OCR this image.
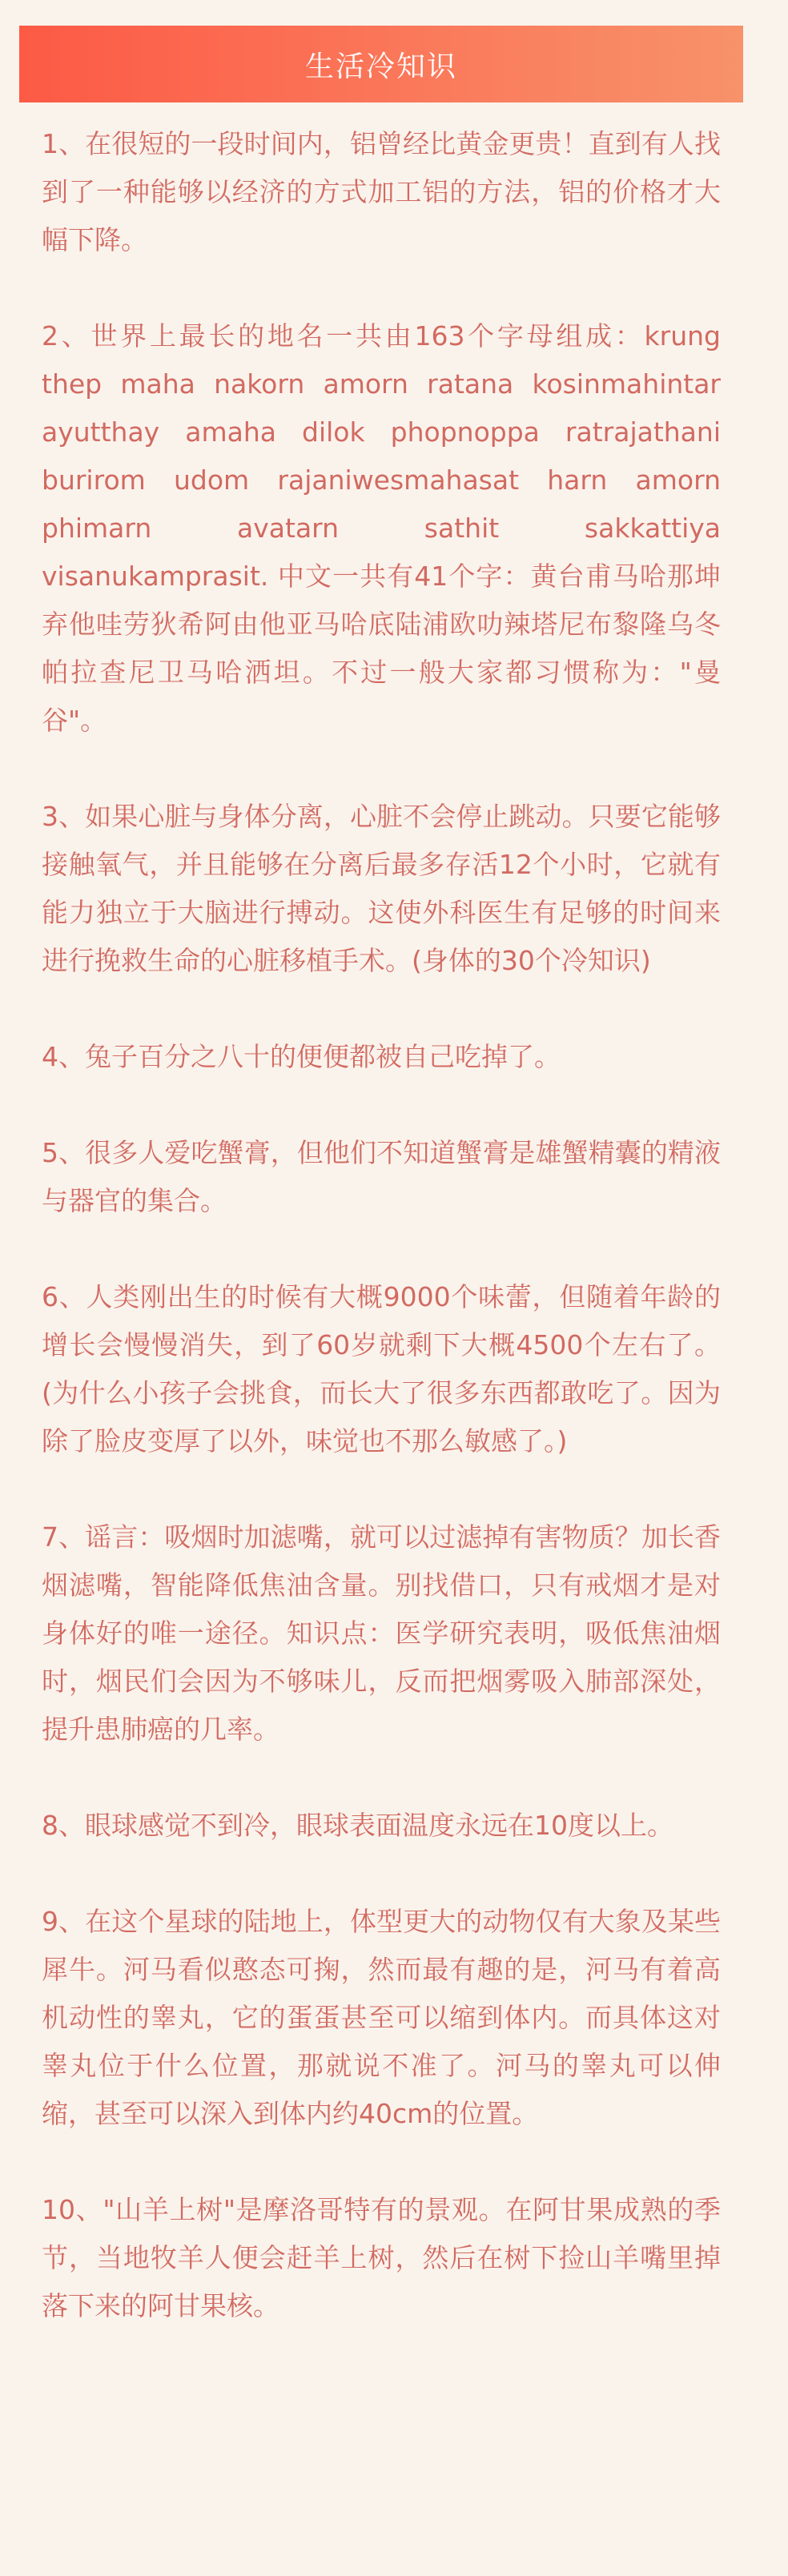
生活冷知识

1、在很短的一段时间内，铝曾经比黄金更贵！直到有人找到了一种能够以经济的方式加工铝的方法，铝的价格才大幅下降。

2、世界上最长的地名一共由163个字母组成：krung thep maha nakorn amorn ratana kosinmahintar ayutthay amaha dilok phopnoppa ratrajathani burirom udom rajaniwesmahasat harn amorn phimarn avatarn sathit sakkattiya visanukamprasit. 中文一共有41个字：黄台甫马哈那坤弃他哇劳狄希阿由他亚马哈底陆浦欧叻辣塔尼布黎隆乌冬帕拉查尼卫马哈洒坦。不过一般大家都习惯称为："曼谷"。

3、如果心脏与身体分离，心脏不会停止跳动。只要它能够接触氧气，并且能够在分离后最多存活12个小时，它就有能力独立于大脑进行搏动。这使外科医生有足够的时间来进行挽救生命的心脏移植手术。(身体的30个冷知识)

4、兔子百分之八十的便便都被自己吃掉了。

5、很多人爱吃蟹膏，但他们不知道蟹膏是雄蟹精囊的精液与器官的集合。

6、人类刚出生的时候有大概9000个味蕾，但随着年龄的增长会慢慢消失，到了60岁就剩下大概4500个左右了。(为什么小孩子会挑食，而长大了很多东西都敢吃了。因为除了脸皮变厚了以外，味觉也不那么敏感了。)

7、谣言：吸烟时加滤嘴，就可以过滤掉有害物质？加长香烟滤嘴，智能降低焦油含量。别找借口，只有戒烟才是对身体好的唯一途径。知识点：医学研究表明，吸低焦油烟时，烟民们会因为不够味儿，反而把烟雾吸入肺部深处，提升患肺癌的几率。

8、眼球感觉不到冷，眼球表面温度永远在10度以上。

9、在这个星球的陆地上，体型更大的动物仅有大象及某些犀牛。河马看似憨态可掬，然而最有趣的是，河马有着高机动性的睾丸，它的蛋蛋甚至可以缩到体内。而具体这对睾丸位于什么位置，那就说不准了。河马的睾丸可以伸缩，甚至可以深入到体内约40cm的位置。

10、"山羊上树"是摩洛哥特有的景观。在阿甘果成熟的季节，当地牧羊人便会赶羊上树，然后在树下捡山羊嘴里掉落下来的阿甘果核。
